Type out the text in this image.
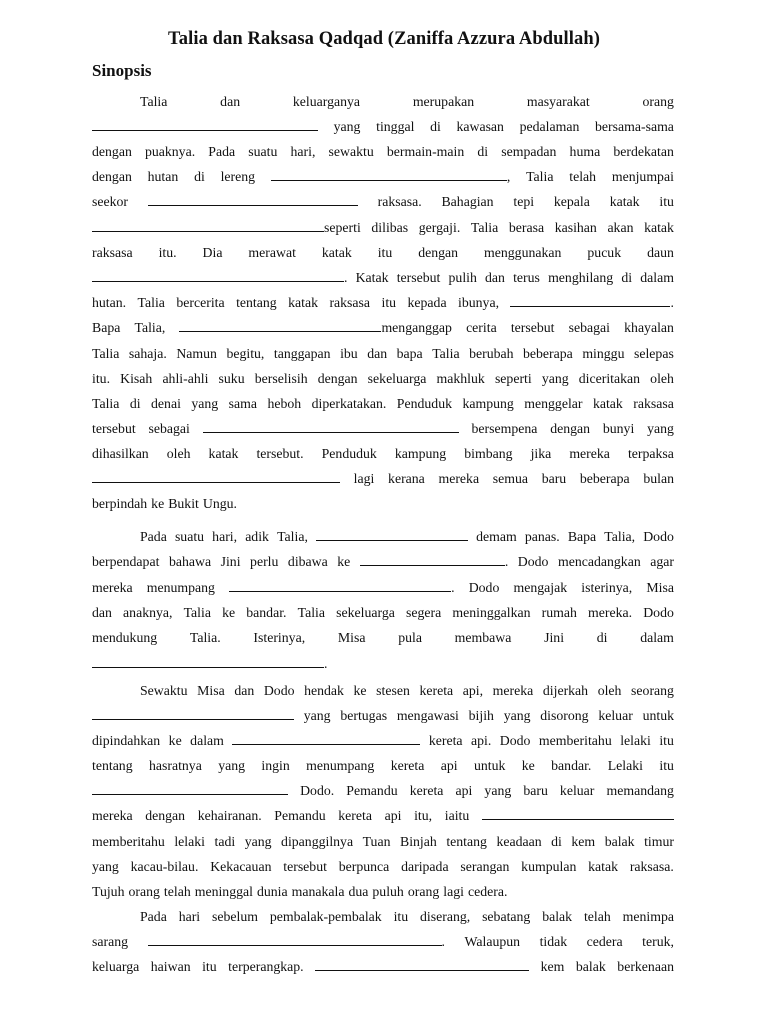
Talia dan Raksasa Qadqad (Zaniffa Azzura Abdullah)
Sinopsis
Talia	dan	keluarganya	merupakan	masyarakat	orang
yang tinggal di kawasan pedalaman bersama-sama
dengan puaknya. Pada suatu hari, sewaktu bermain-main di sempadan huma berdekatan
dengan hutan di lereng	, Talia telah menjumpai
seekor	raksasa. Bahagian tepi kepala katak itu
seperti dilibas gergaji. Talia berasa kasihan akan katak
raksasa itu. Dia merawat katak itu dengan menggunakan pucuk daun
. Katak tersebut pulih dan terus menghilang di dalam
hutan. Talia bercerita tentang katak raksasa itu kepada ibunya,	.
Bapa Talia,	menganggap cerita tersebut sebagai khayalan
Talia sahaja. Namun begitu, tanggapan ibu dan bapa Talia berubah beberapa minggu selepas
itu. Kisah ahli-ahli suku berselisih dengan sekeluarga makhluk seperti yang diceritakan oleh
Talia di denai yang sama heboh diperkatakan. Penduduk kampung menggelar katak raksasa
tersebut sebagai	bersempena dengan bunyi yang
dihasilkan oleh katak tersebut. Penduduk kampung bimbang jika mereka terpaksa
lagi kerana mereka semua baru beberapa bulan
berpindah ke Bukit Ungu.
Pada suatu hari, adik Talia,	demam panas. Bapa Talia, Dodo
berpendapat bahawa Jini perlu dibawa ke	. Dodo mencadangkan agar
mereka menumpang	. Dodo mengajak isterinya, Misa
dan anaknya, Talia ke bandar. Talia sekeluarga segera meninggalkan rumah mereka. Dodo
mendukung Talia. Isterinya, Misa pula membawa Jini di dalam
.
Sewaktu Misa dan Dodo hendak ke stesen kereta api, mereka dijerkah oleh seorang
yang bertugas mengawasi bijih yang disorong keluar untuk
dipindahkan ke dalam	kereta api. Dodo memberitahu lelaki itu
tentang hasratnya yang ingin menumpang kereta api untuk ke bandar. Lelaki itu
Dodo. Pemandu kereta api yang baru keluar memandang
mereka dengan kehairanan. Pemandu kereta api itu, iaitu
memberitahu lelaki tadi yang dipanggilnya Tuan Binjah tentang keadaan di kem balak timur
yang kacau-bilau. Kekacauan tersebut berpunca daripada serangan kumpulan katak raksasa.
Tujuh orang telah meninggal dunia manakala dua puluh orang lagi cedera.
Pada hari sebelum pembalak-pembalak itu diserang, sebatang balak telah menimpa
sarang	. Walaupun tidak cedera teruk,
keluarga haiwan itu terperangkap.	kem balak berkenaan
